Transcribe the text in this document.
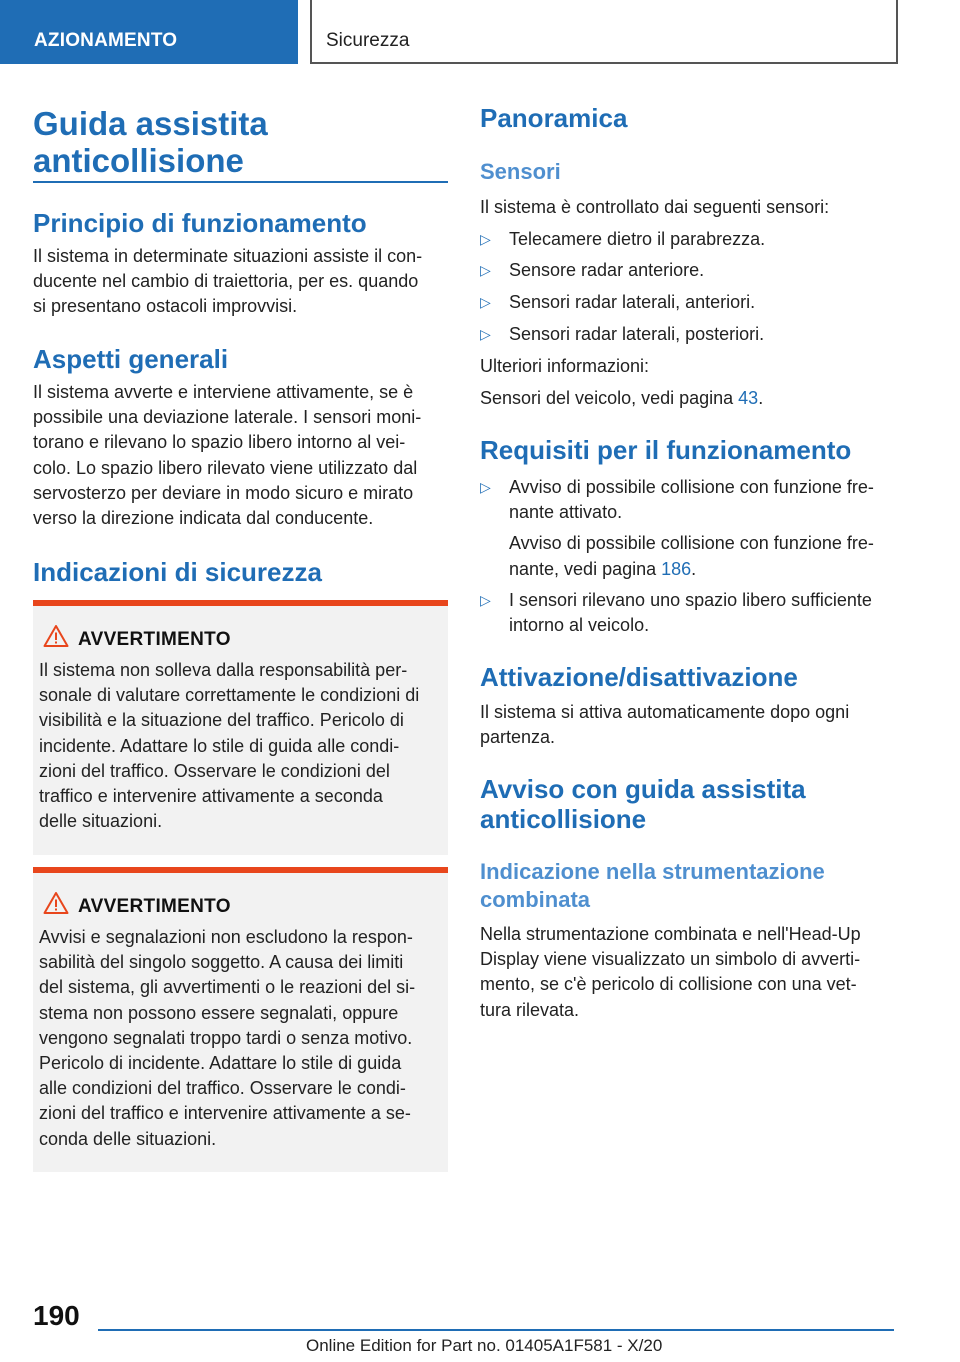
AZIONAMENTO	Sicurezza
Guida assistita
anticollisione
Principio di funzionamento
Il sistema in determinate situazioni assiste il con-
ducente nel cambio di traiettoria, per es. quando
si presentano ostacoli improvvisi.
Aspetti generali
Il sistema avverte e interviene attivamente, se è
possibile una deviazione laterale. I sensori moni-
torano e rilevano lo spazio libero intorno al vei-
colo. Lo spazio libero rilevato viene utilizzato dal
servosterzo per deviare in modo sicuro e mirato
verso la direzione indicata dal conducente.
Indicazioni di sicurezza
AVVERTIMENTO
Il sistema non solleva dalla responsabilità per-
sonale di valutare correttamente le condizioni di
visibilità e la situazione del traffico. Pericolo di
incidente. Adattare lo stile di guida alle condi-
zioni del traffico. Osservare le condizioni del
traffico e intervenire attivamente a seconda
delle situazioni.
AVVERTIMENTO
Avvisi e segnalazioni non escludono la respon-
sabilità del singolo soggetto. A causa dei limiti
del sistema, gli avvertimenti o le reazioni del si-
stema non possono essere segnalati, oppure
vengono segnalati troppo tardi o senza motivo.
Pericolo di incidente. Adattare lo stile di guida
alle condizioni del traffico. Osservare le condi-
zioni del traffico e intervenire attivamente a se-
conda delle situazioni.
Panoramica
Sensori
Il sistema è controllato dai seguenti sensori:
▷ Telecamere dietro il parabrezza.
▷ Sensore radar anteriore.
▷ Sensori radar laterali, anteriori.
▷ Sensori radar laterali, posteriori.
Ulteriori informazioni:
Sensori del veicolo, vedi pagina 43.
Requisiti per il funzionamento
▷ Avviso di possibile collisione con funzione fre-
nante attivato.
Avviso di possibile collisione con funzione fre-
nante, vedi pagina 186.
▷ I sensori rilevano uno spazio libero sufficiente
intorno al veicolo.
Attivazione/disattivazione
Il sistema si attiva automaticamente dopo ogni
partenza.
Avviso con guida assistita
anticollisione
Indicazione nella strumentazione
combinata
Nella strumentazione combinata e nell'Head-Up
Display viene visualizzato un simbolo di avverti-
mento, se c'è pericolo di collisione con una vet-
tura rilevata.
190
Online Edition for Part no. 01405A1F581 - X/20
